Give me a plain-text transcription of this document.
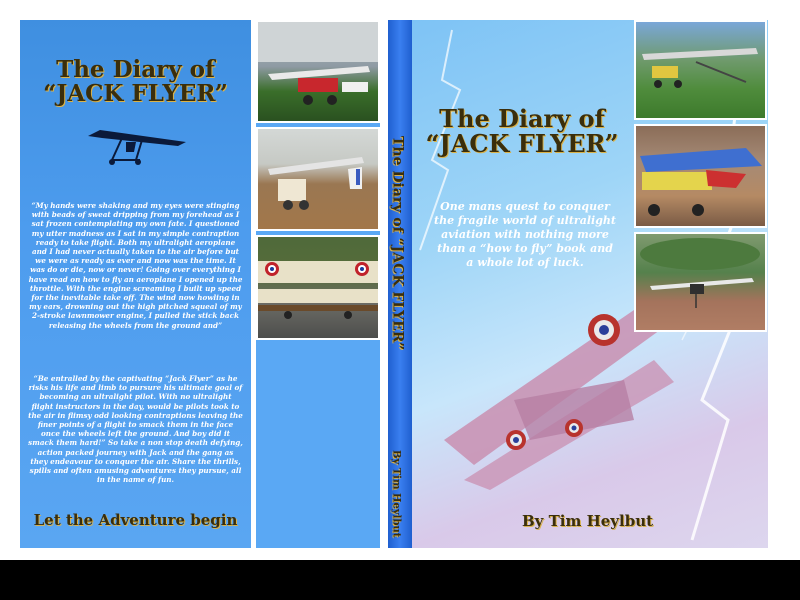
The Diary of
“JACK FLYER”
“My hands were shaking and my eyes were stinging with beads of sweat dripping from my forehead as I sat frozen contemplating my own fate. I questioned my utter madness as I sat in my simple contraption ready to take flight. Both my ultralight aeroplane and I had never actually taken to the air before but we were as ready as ever and now was the time. It was do or die, now or never! Going over everything I have read on how to fly an aeroplane I opened up the throttle. With the engine screaming I built up speed for the inevitable take off. The wind now howling in my ears, drowning out the high pitched squeal of my 2-stroke lawnmower engine, I pulled the stick back releasing the wheels from the ground and”
“Be entralled by the captivating “Jack Flyer” as he risks his life and limb to pursure his ultimate goal of becoming an ultralight pilot. With no ultralight flight instructors in the day, would be pilots took to the air in flimsy odd looking contraptions leaving the finer points of a flight to smack them in the face once the wheels left the ground. And boy did it smack them hard!” So take a non stop death defying, action packed journey with Jack and the gang as they endeavour to conquer the air. Share the thrills, spills and often amusing adventures they pursue, all in the name of fun.
Let the Adventure begin
The Diary of “JACK FLYER”
By Tim Heylbut
The Diary of
“JACK FLYER”
One mans quest to conquer the fragile world of ultralight aviation with nothing more than a “how to fly” book and a whole lot of luck.
By Tim Heylbut
